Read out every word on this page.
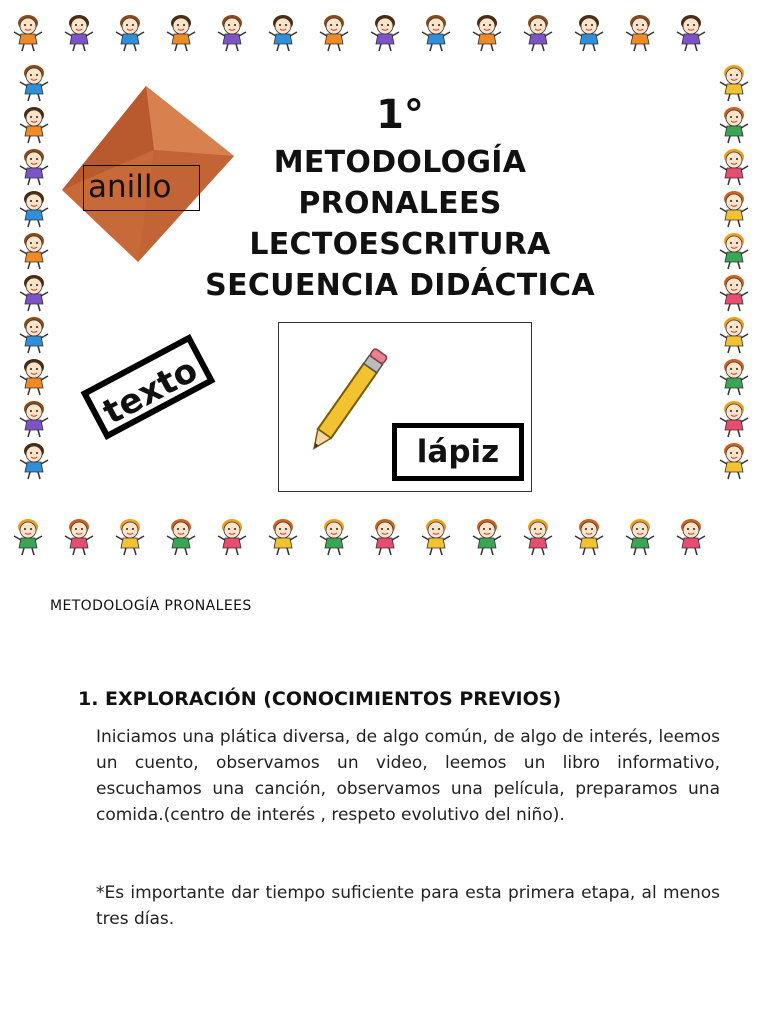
anillo
1°
METODOLOGÍA
PRONALEES
LECTOESCRITURA
SECUENCIA DIDÁCTICA
texto
lápiz
METODOLOGÍA PRONALEES
1. EXPLORACIÓN (CONOCIMIENTOS PREVIOS)
Iniciamos una plática diversa, de algo común, de algo de interés, leemos un cuento, observamos un video, leemos un libro informativo, escuchamos una canción, observamos una película, preparamos una comida.(centro de interés , respeto evolutivo del niño).
*Es importante dar tiempo suficiente para esta primera etapa, al menos tres días.
